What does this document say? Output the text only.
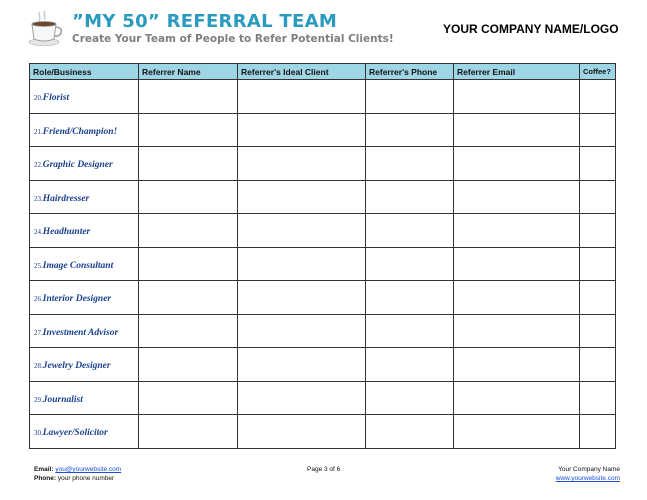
”MY 50” REFERRAL TEAM
Create Your Team of People to Refer Potential Clients!
YOUR COMPANY NAME/LOGO
Role/Business	Referrer Name	Referrer's Ideal Client	Referrer's Phone	Referrer Email	Coffee?
20.Florist					
21.Friend/Champion!					
22.Graphic Designer					
23.Hairdresser					
24.Headhunter					
25.Image Consultant					
26.Interior Designer					
27.Investment Advisor					
28.Jewelry Designer					
29.Journalist					
30.Lawyer/Solicitor					
Email: you@yourwebsite.com
Phone: your phone number
Page 3 of 6	Your Company Name
www.yourwebsite.com
